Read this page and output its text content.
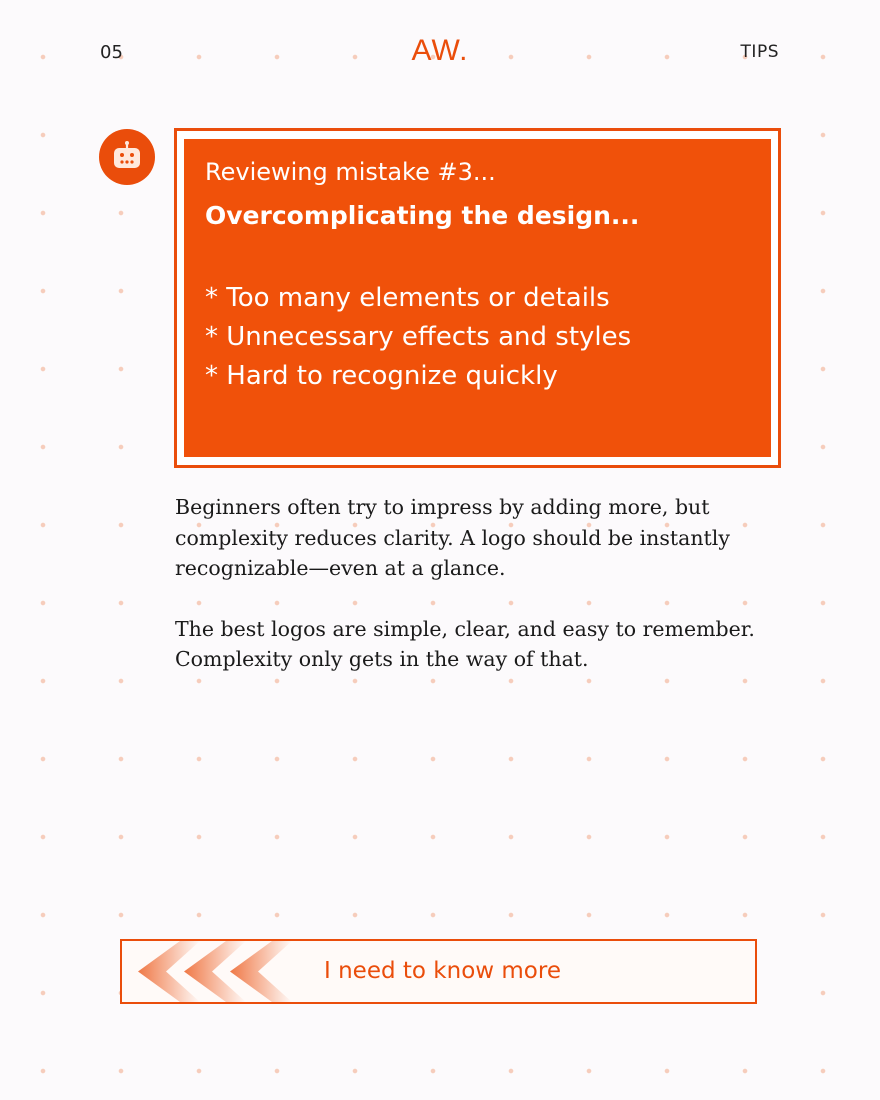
05	AW.	TIPS
Reviewing mistake #3...
Overcomplicating the design...
* Too many elements or details
* Unnecessary effects and styles
* Hard to recognize quickly

Beginners often try to impress by adding more, but complexity reduces clarity. A logo should be instantly recognizable—even at a glance.

The best logos are simple, clear, and easy to remember. Complexity only gets in the way of that.

I need to know more
